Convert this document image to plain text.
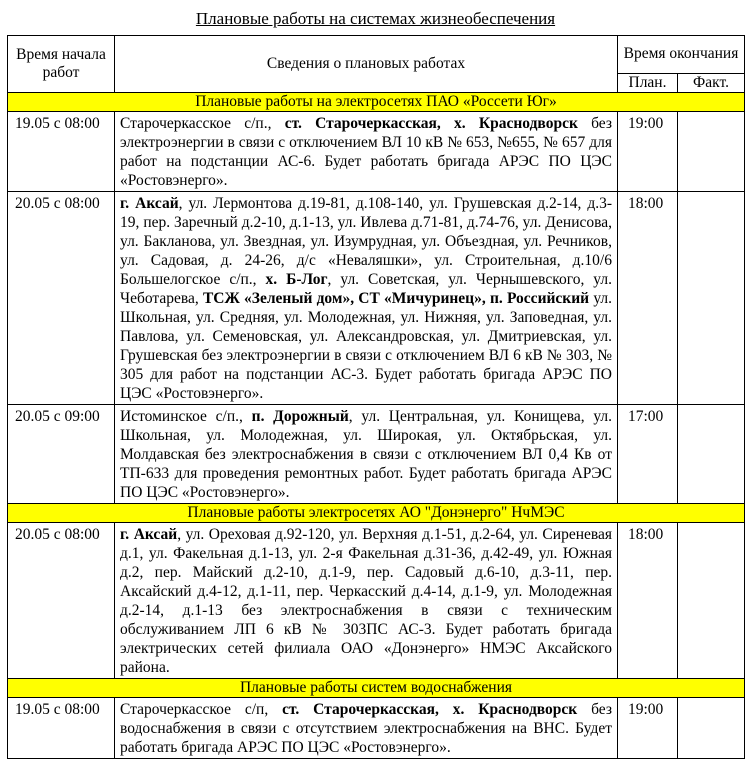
Плановые работы на системах жизнеобеспечения
Время начала работ	Сведения о плановых работах	Время окончания	
		План.	Факт.
Плановые работы на электросетях ПАО «Россети Юг»			
19.05 с 08:00	Старочеркасское с/п., ст. Старочеркасская, х. Краснодворск без электроэнергии в связи с отключением ВЛ 10 кВ № 653, №655, № 657 для работ на подстанции АС-6. Будет работать бригада АРЭС ПО ЦЭС «Ростовэнерго».	19:00	
20.05 с 08:00	г. Аксай, ул. Лермонтова д.19-81, д.108-140, ул. Грушевская д.2-14, д.3-19, пер. Заречный д.2-10, д.1-13, ул. Ивлева д.71-81, д.74-76, ул. Денисова, ул. Бакланова, ул. Звездная, ул. Изумрудная, ул. Объездная, ул. Речников, ул. Садовая, д. 24-26, д/с «Неваляшки», ул. Строительная, д.10/6 Большелогское с/п., х. Б-Лог, ул. Советская, ул. Чернышевского, ул. Чеботарева, ТСЖ «Зеленый дом», СТ «Мичуринец», п. Российский ул. Школьная, ул. Средняя, ул. Молодежная, ул. Нижняя, ул. Заповедная, ул. Павлова, ул. Семеновская, ул. Александровская, ул. Дмитриевская, ул. Грушевская без электроэнергии в связи с отключением ВЛ 6 кВ № 303, № 305 для работ на подстанции АС-3. Будет работать бригада АРЭС ПО ЦЭС «Ростовэнерго».	18:00	
20.05 с 09:00	Истоминское с/п., п. Дорожный, ул. Центральная, ул. Конищева, ул. Школьная, ул. Молодежная, ул. Широкая, ул. Октябрьская, ул. Молдавская без электроснабжения в связи с отключением ВЛ 0,4 Кв от ТП-633 для проведения ремонтных работ. Будет работать бригада АРЭС ПО ЦЭС «Ростовэнерго».	17:00	
Плановые работы электросетях АО "Донэнерго" НчМЭС			
20.05 с 08:00	г. Аксай, ул. Ореховая д.92-120, ул. Верхняя д.1-51, д.2-64, ул. Сиреневая д.1, ул. Факельная д.1-13, ул. 2-я Факельная д.31-36, д.42-49, ул. Южная д.2, пер. Майский д.2-10, д.1-9, пер. Садовый д.6-10, д.3-11, пер. Аксайский д.4-12, д.1-11, пер. Черкасский д.4-14, д.1-9, ул. Молодежная д.2-14, д.1-13 без электроснабжения в связи с техническим обслуживанием ЛП 6 кВ № 303ПС АС-3. Будет работать бригада электрических сетей филиала ОАО «Донэнерго» НМЭС Аксайского района.	18:00	
Плановые работы систем водоснабжения			
19.05 с 08:00	Старочеркасское с/п, ст. Старочеркасская, х. Краснодворск без водоснабжения в связи с отсутствием электроснабжения на ВНС. Будет работать бригада АРЭС ПО ЦЭС «Ростовэнерго».	19:00	
